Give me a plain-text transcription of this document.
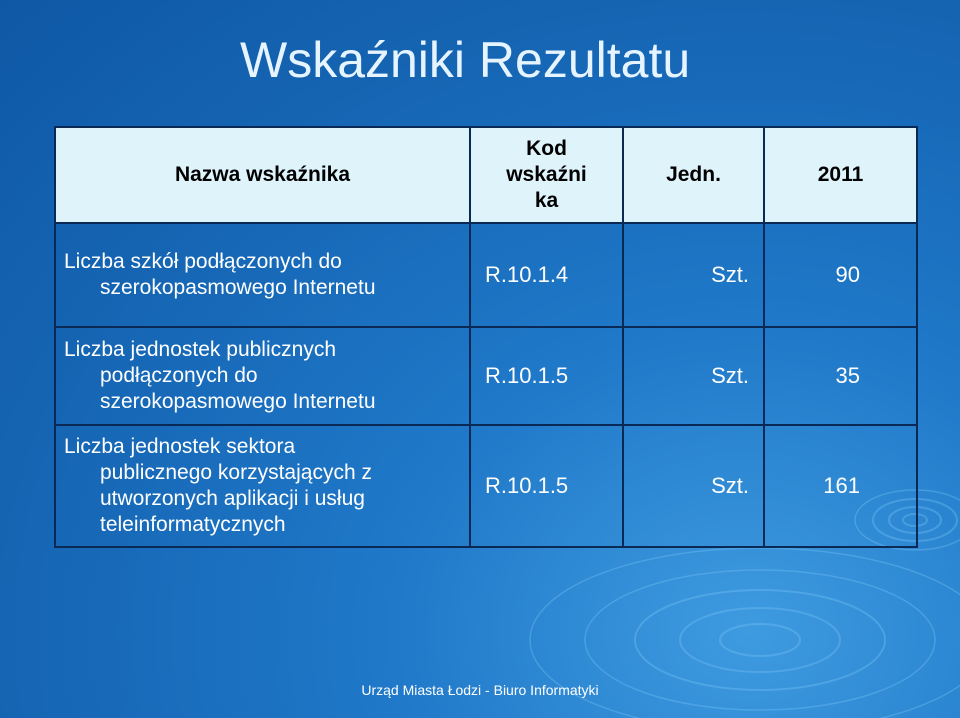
Wskaźniki Rezultatu
Nazwa wskaźnika	Kod wskaźni ka	Jedn.	2011

Liczba szkół podłączonych do
szerokopasmowego Internetu	R.10.1.4	Szt.	90

Liczba jednostek publicznych
podłączonych do
szerokopasmowego Internetu	R.10.1.5	Szt.	35

Liczba jednostek sektora
publicznego korzystających z
utworzonych aplikacji i usług
teleinformatycznych	R.10.1.5	Szt.	161
Urząd Miasta Łodzi - Biuro Informatyki
